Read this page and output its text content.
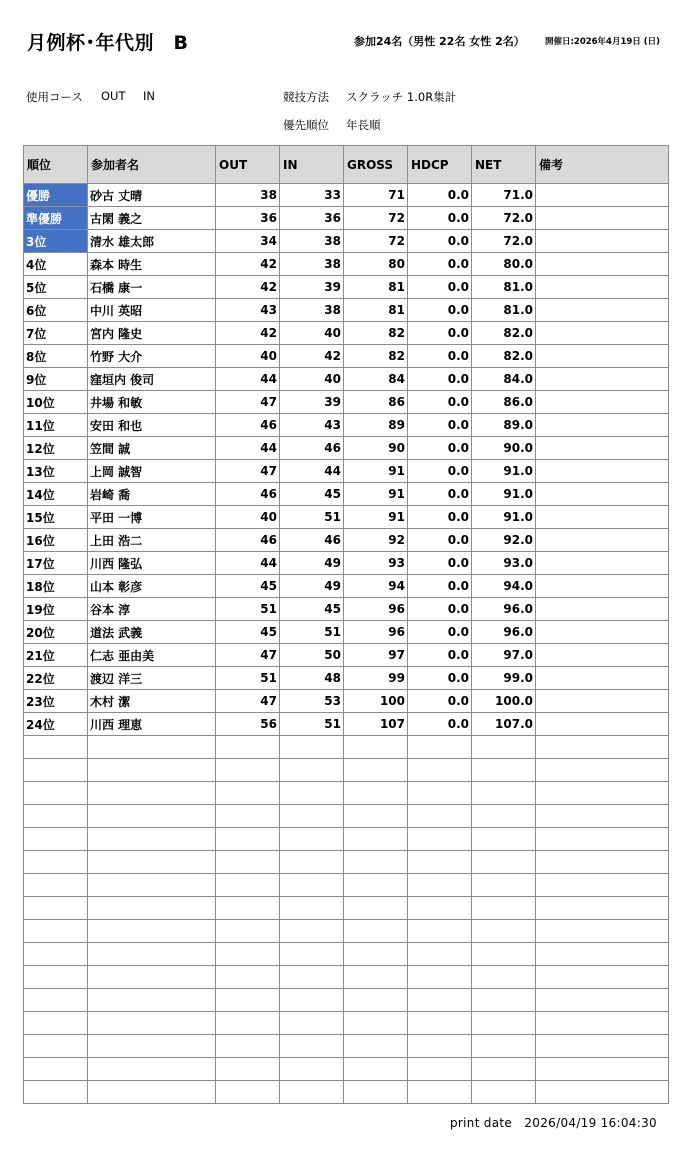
月例杯･年代別　B	参加24名（男性 22名 女性 2名） 開催日:2026年4月19日 (日)
使用コース OUT IN	競技方法 スクラッチ 1.0R集計
優先順位 年長順
順位	参加者名	OUT	IN	GROSS	HDCP	NET	備考
優勝	砂古 丈晴	38	33	71	0.0	71.0	
準優勝	古閑 義之	36	36	72	0.0	72.0	
3位	清水 雄太郎	34	38	72	0.0	72.0	
4位	森本 時生	42	38	80	0.0	80.0	
5位	石橋 康一	42	39	81	0.0	81.0	
6位	中川 英昭	43	38	81	0.0	81.0	
7位	宮内 隆史	42	40	82	0.0	82.0	
8位	竹野 大介	40	42	82	0.0	82.0	
9位	窪垣内 俊司	44	40	84	0.0	84.0	
10位	井場 和敏	47	39	86	0.0	86.0	
11位	安田 和也	46	43	89	0.0	89.0	
12位	笠間 誠	44	46	90	0.0	90.0	
13位	上岡 誠智	47	44	91	0.0	91.0	
14位	岩崎 喬	46	45	91	0.0	91.0	
15位	平田 一博	40	51	91	0.0	91.0	
16位	上田 浩二	46	46	92	0.0	92.0	
17位	川西 隆弘	44	49	93	0.0	93.0	
18位	山本 彰彦	45	49	94	0.0	94.0	
19位	谷本 淳	51	45	96	0.0	96.0	
20位	道法 武義	45	51	96	0.0	96.0	
21位	仁志 亜由美	47	50	97	0.0	97.0	
22位	渡辺 洋三	51	48	99	0.0	99.0	
23位	木村 潔	47	53	100	0.0	100.0	
24位	川西 理恵	56	51	107	0.0	107.0	

print date　2026/04/19 16:04:30
